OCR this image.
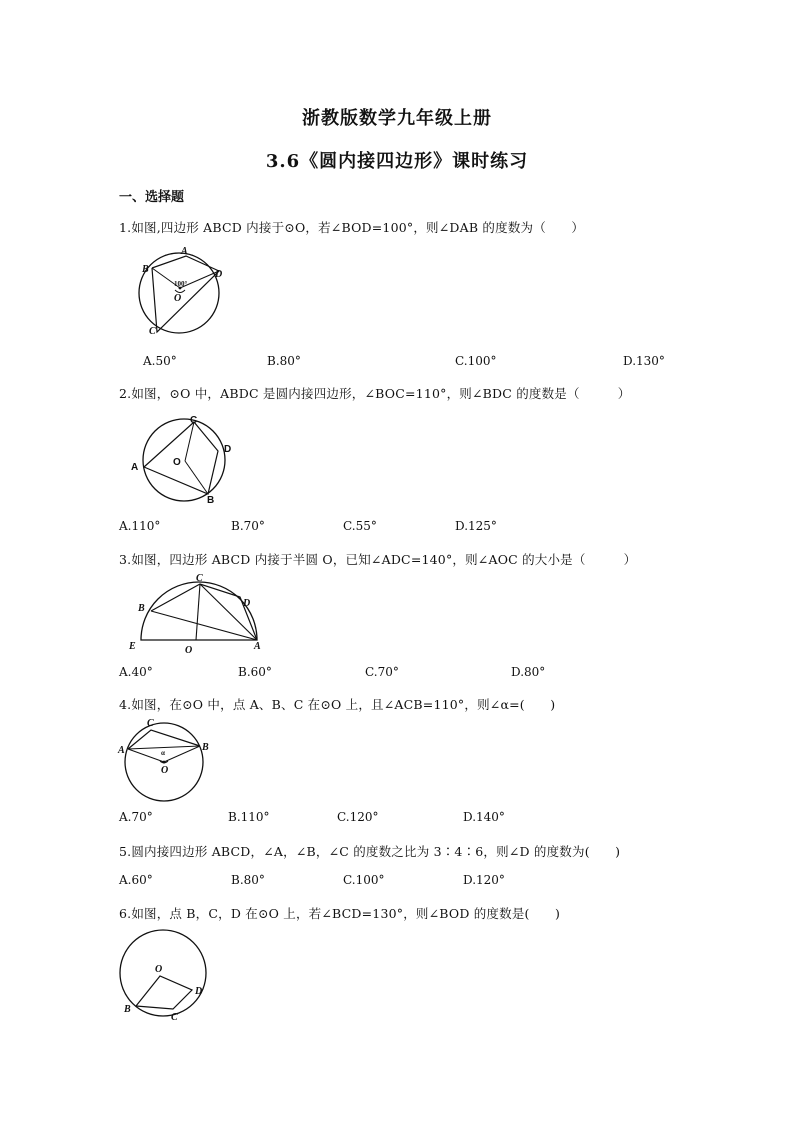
浙教版数学九年级上册
3.6《圆内接四边形》课时练习
一、选择题
1.如图,四边形 ABCD 内接于⊙O，若∠BOD=100°，则∠DAB 的度数为（　　）
A
B	D
C
O
100°
A.50°	B.80°	C.100°	D.130°
2.如图，⊙O 中，ABDC 是圆内接四边形，∠BOC=110°，则∠BDC 的度数是（　　　）
C
D
A	O
B
A.110°	B.70°	C.55°	D.125°
3.如图，四边形 ABCD 内接于半圆 O，已知∠ADC=140°，则∠AOC 的大小是（　　　）
C
B	D
E	O	A
A.40°	B.60°	C.70°	D.80°
4.如图，在⊙O 中，点 A、B、C 在⊙O 上，且∠ACB=110°，则∠α=(　　)
C
A	B
O
α
A.70°	B.110°	C.120°	D.140°
5.圆内接四边形 ABCD，∠A，∠B，∠C 的度数之比为 3∶4∶6，则∠D 的度数为(　　)
A.60°	B.80°	C.100°	D.120°
6.如图，点 B，C，D 在⊙O 上，若∠BCD=130°，则∠BOD 的度数是(　　)
O
D
B
C
